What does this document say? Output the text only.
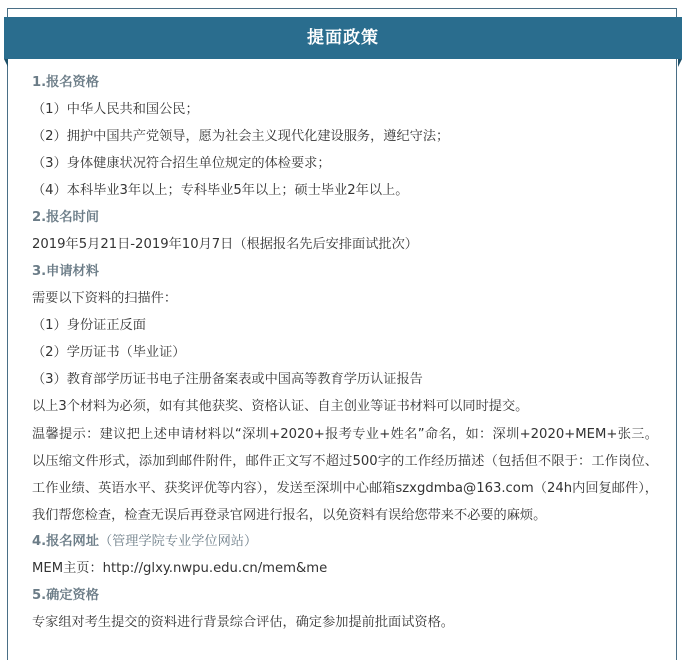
提面政策
1.报名资格
（1）中华人民共和国公民；
（2）拥护中国共产党领导，愿为社会主义现代化建设服务，遵纪守法；
（3）身体健康状况符合招生单位规定的体检要求；
（4）本科毕业3年以上；专科毕业5年以上；硕士毕业2年以上。
2.报名时间
2019年5月21日-2019年10月7日（根据报名先后安排面试批次）
3.申请材料
需要以下资料的扫描件：
（1）身份证正反面
（2）学历证书（毕业证）
（3）教育部学历证书电子注册备案表或中国高等教育学历认证报告
以上3个材料为必须，如有其他获奖、资格认证、自主创业等证书材料可以同时提交。
温馨提示：建议把上述申请材料以“深圳+2020+报考专业+姓名”命名，如：深圳+2020+MEM+张三。以压缩文件形式，添加到邮件附件，邮件正文写不超过500字的工作经历描述（包括但不限于：工作岗位、工作业绩、英语水平、获奖评优等内容），发送至深圳中心邮箱szxgdmba@163.com（24h内回复邮件），我们帮您检查，检查无误后再登录官网进行报名，以免资料有误给您带来不必要的麻烦。
4.报名网址（管理学院专业学位网站）
MEM主页：http://glxy.nwpu.edu.cn/mem&me
5.确定资格
专家组对考生提交的资料进行背景综合评估，确定参加提前批面试资格。
